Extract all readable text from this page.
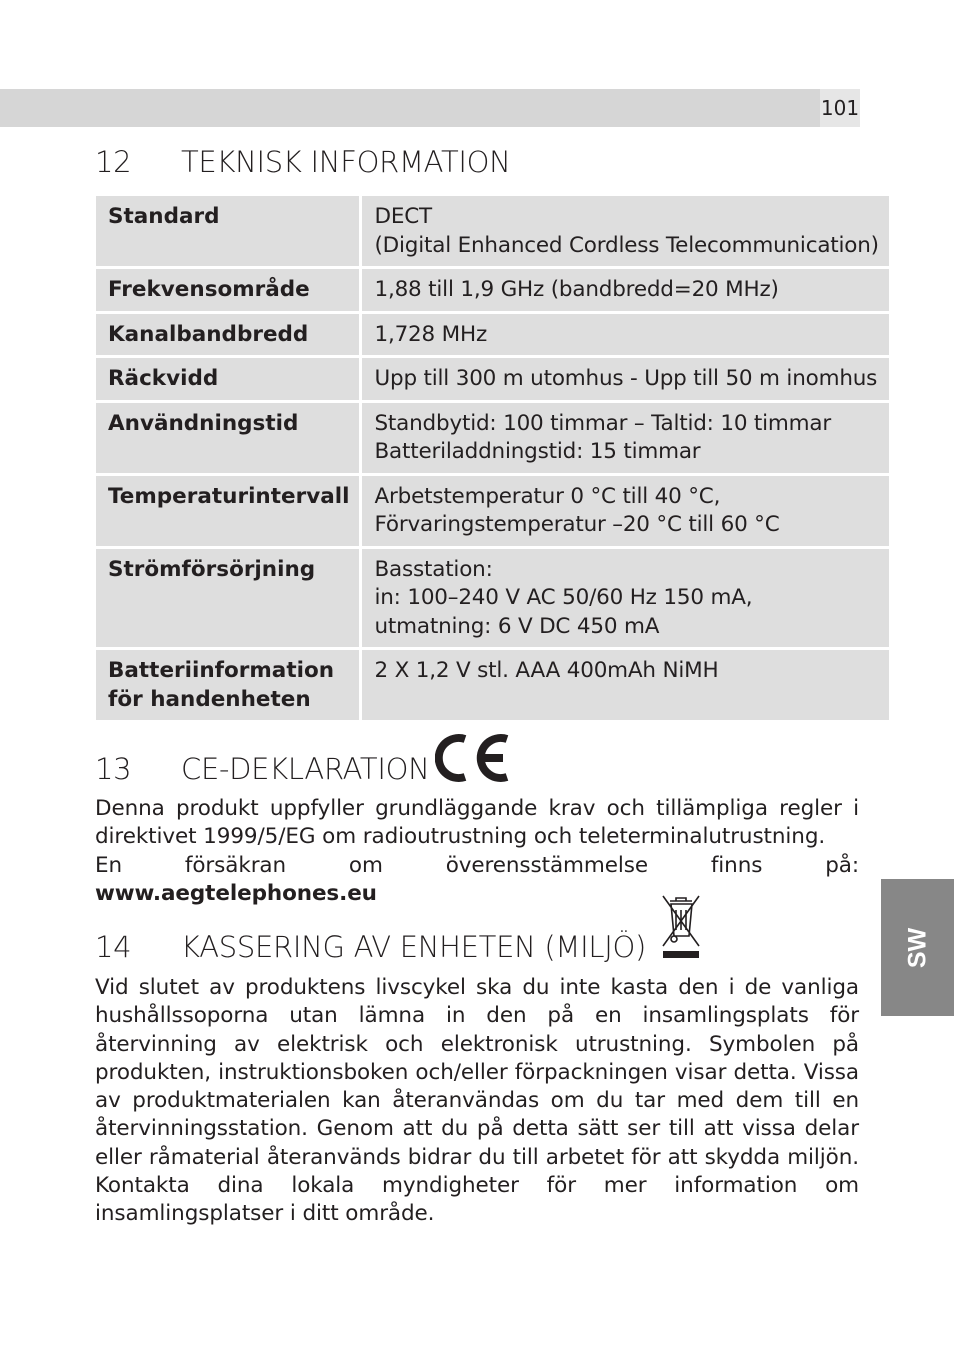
101
12 TEKNISK INFORMATION
Standard	DECT
(Digital Enhanced Cordless Telecommunication)

Frekvensområde	1,88 till 1,9 GHz (bandbredd=20 MHz)

Kanalbandbredd	1,728 MHz

Räckvidd	Upp till 300 m utomhus - Upp till 50 m inomhus

Användningstid	Standbytid: 100 timmar – Taltid: 10 timmar
Batteriladdningstid: 15 timmar

Temperaturintervall	Arbetstemperatur 0 °C till 40 °C,
Förvaringstemperatur –20 °C till 60 °C

Strömförsörjning	Basstation:
in: 100–240 V AC 50/60 Hz 150 mA,
utmatning: 6 V DC 450 mA

Batteriinformation för handenheten	2 X 1,2 V stl. AAA 400mAh NiMH
13 CE-DEKLARATION
Denna produkt uppfyller grundläggande krav och tillämpliga regler i direktivet 1999/5/EG om radioutrustning och teleterminalutrustning.
En försäkran om överensstämmelse finns på: www.aegtelephones.eu
14 KASSERING AV ENHETEN (MILJÖ)
Vid slutet av produktens livscykel ska du inte kasta den i de vanliga hushållssoporna utan lämna in den på en insamlingsplats för återvinning av elektrisk och elektronisk utrustning. Symbolen på produkten, instruktionsboken och/eller förpackningen visar detta. Vissa av produktmaterialen kan återanvändas om du tar med dem till en återvinningsstation. Genom att du på detta sätt ser till att vissa delar eller råmaterial återanvänds bidrar du till arbetet för att skydda miljön. Kontakta dina lokala myndigheter för mer information om insamlingsplatser i ditt område.
SW
